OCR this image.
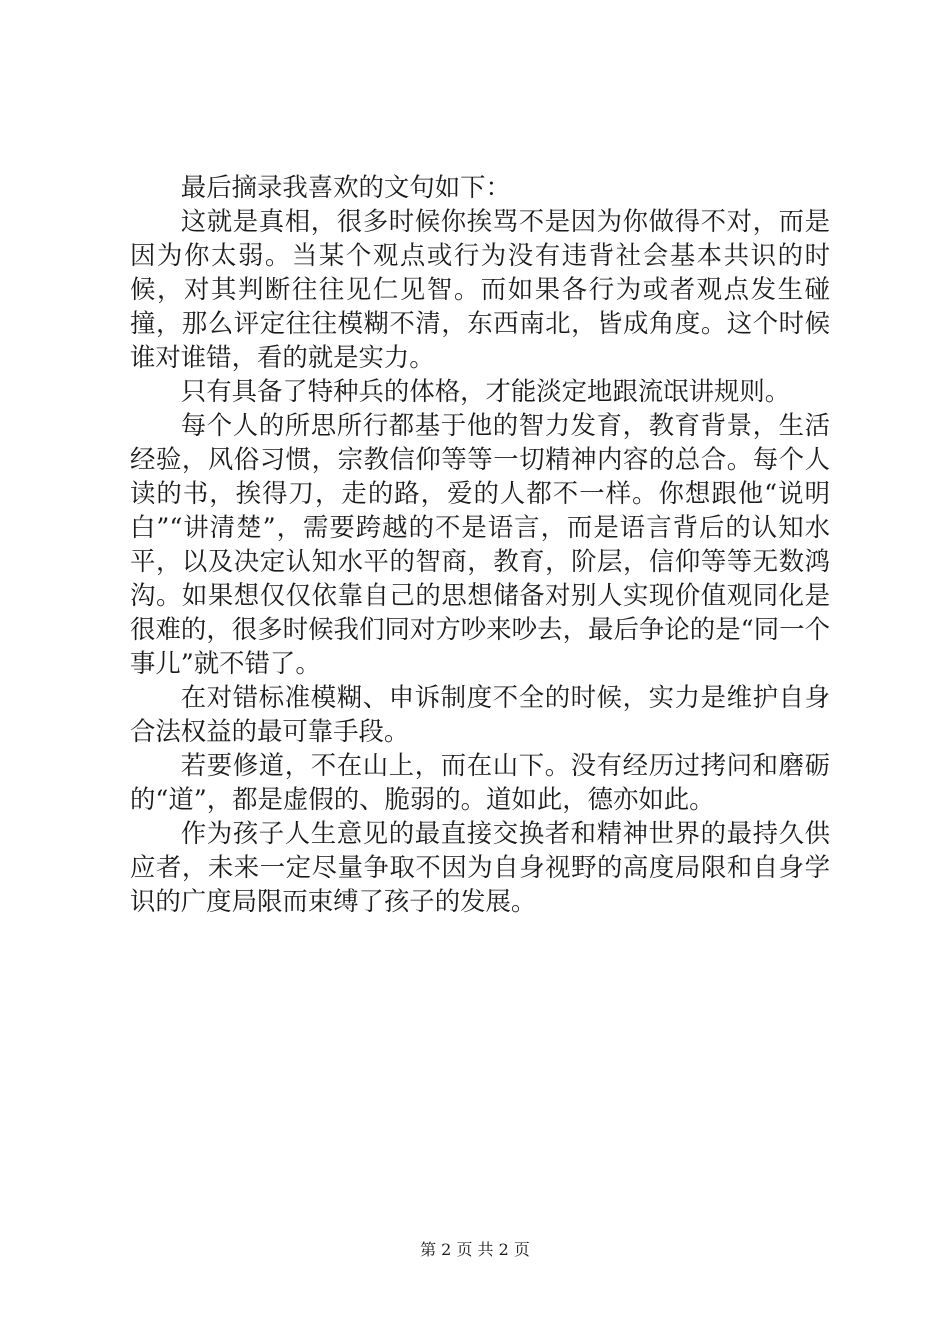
最后摘录我喜欢的文句如下：

这就是真相，很多时候你挨骂不是因为你做得不对，而是因为你太弱。当某个观点或行为没有违背社会基本共识的时候，对其判断往往见仁见智。而如果各行为或者观点发生碰撞，那么评定往往模糊不清，东西南北，皆成角度。这个时候谁对谁错，看的就是实力。

只有具备了特种兵的体格，才能淡定地跟流氓讲规则。

每个人的所思所行都基于他的智力发育，教育背景，生活经验，风俗习惯，宗教信仰等等一切精神内容的总合。每个人读的书，挨得刀，走的路，爱的人都不一样。你想跟他“说明白”“讲清楚”，需要跨越的不是语言，而是语言背后的认知水平，以及决定认知水平的智商，教育，阶层，信仰等等无数鸿沟。如果想仅仅依靠自己的思想储备对别人实现价值观同化是很难的，很多时候我们同对方吵来吵去，最后争论的是“同一个事儿”就不错了。

在对错标准模糊、申诉制度不全的时候，实力是维护自身合法权益的最可靠手段。

若要修道，不在山上，而在山下。没有经历过拷问和磨砺的“道”，都是虚假的、脆弱的。道如此，德亦如此。

作为孩子人生意见的最直接交换者和精神世界的最持久供应者，未来一定尽量争取不因为自身视野的高度局限和自身学识的广度局限而束缚了孩子的发展。

第 2 页 共 2 页
